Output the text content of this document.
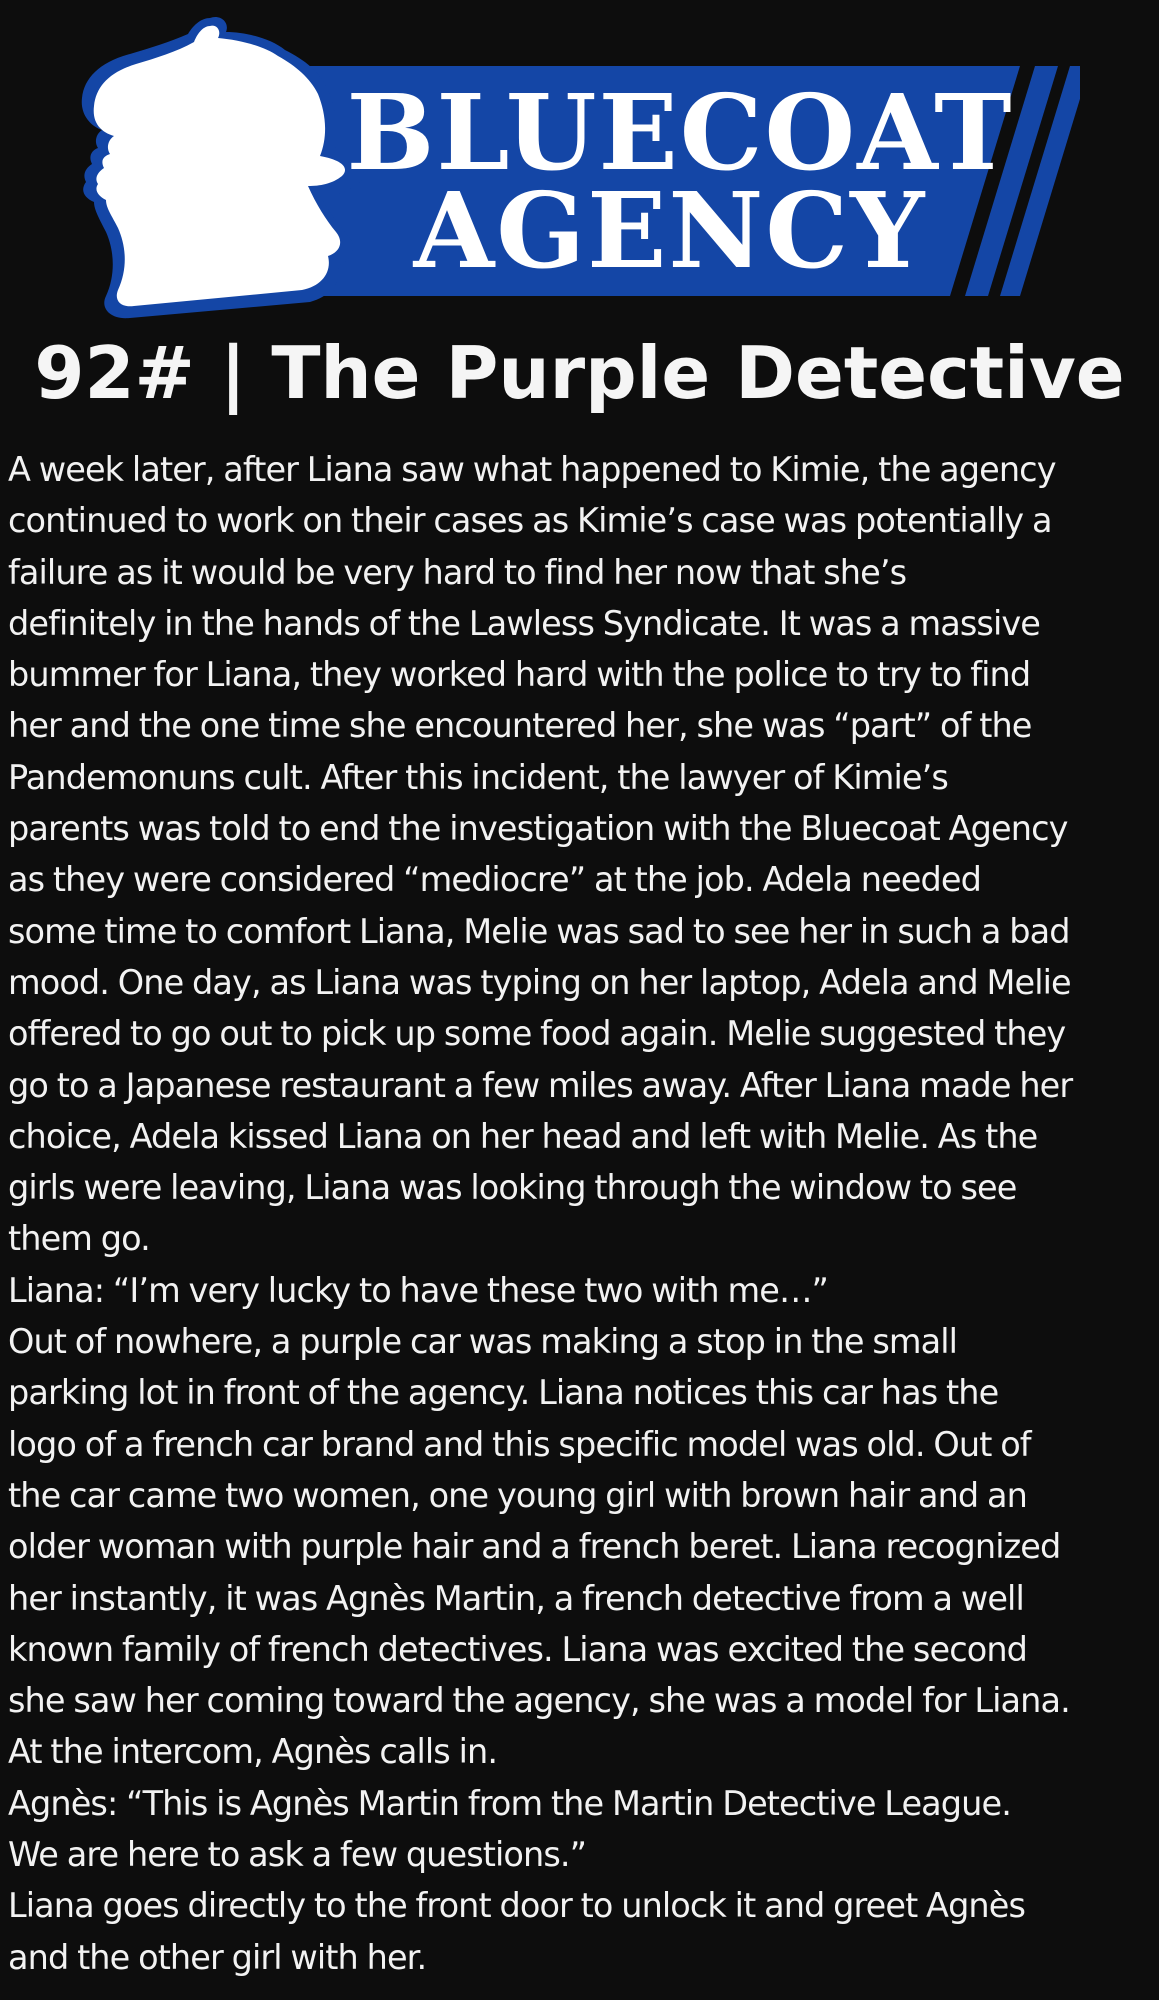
BLUECOAT
AGENCY
92# | The Purple Detective
A week later, after Liana saw what happened to Kimie, the agency
continued to work on their cases as Kimie’s case was potentially a
failure as it would be very hard to find her now that she’s
definitely in the hands of the Lawless Syndicate. It was a massive
bummer for Liana, they worked hard with the police to try to find
her and the one time she encountered her, she was “part” of the
Pandemonuns cult. After this incident, the lawyer of Kimie’s
parents was told to end the investigation with the Bluecoat Agency
as they were considered “mediocre” at the job. Adela needed
some time to comfort Liana, Melie was sad to see her in such a bad
mood. One day, as Liana was typing on her laptop, Adela and Melie
offered to go out to pick up some food again. Melie suggested they
go to a Japanese restaurant a few miles away. After Liana made her
choice, Adela kissed Liana on her head and left with Melie. As the
girls were leaving, Liana was looking through the window to see
them go.
Liana: “I’m very lucky to have these two with me…”
Out of nowhere, a purple car was making a stop in the small
parking lot in front of the agency. Liana notices this car has the
logo of a french car brand and this specific model was old. Out of
the car came two women, one young girl with brown hair and an
older woman with purple hair and a french beret. Liana recognized
her instantly, it was Agnès Martin, a french detective from a well
known family of french detectives. Liana was excited the second
she saw her coming toward the agency, she was a model for Liana.
At the intercom, Agnès calls in.
Agnès: “This is Agnès Martin from the Martin Detective League.
We are here to ask a few questions.”
Liana goes directly to the front door to unlock it and greet Agnès
and the other girl with her.
